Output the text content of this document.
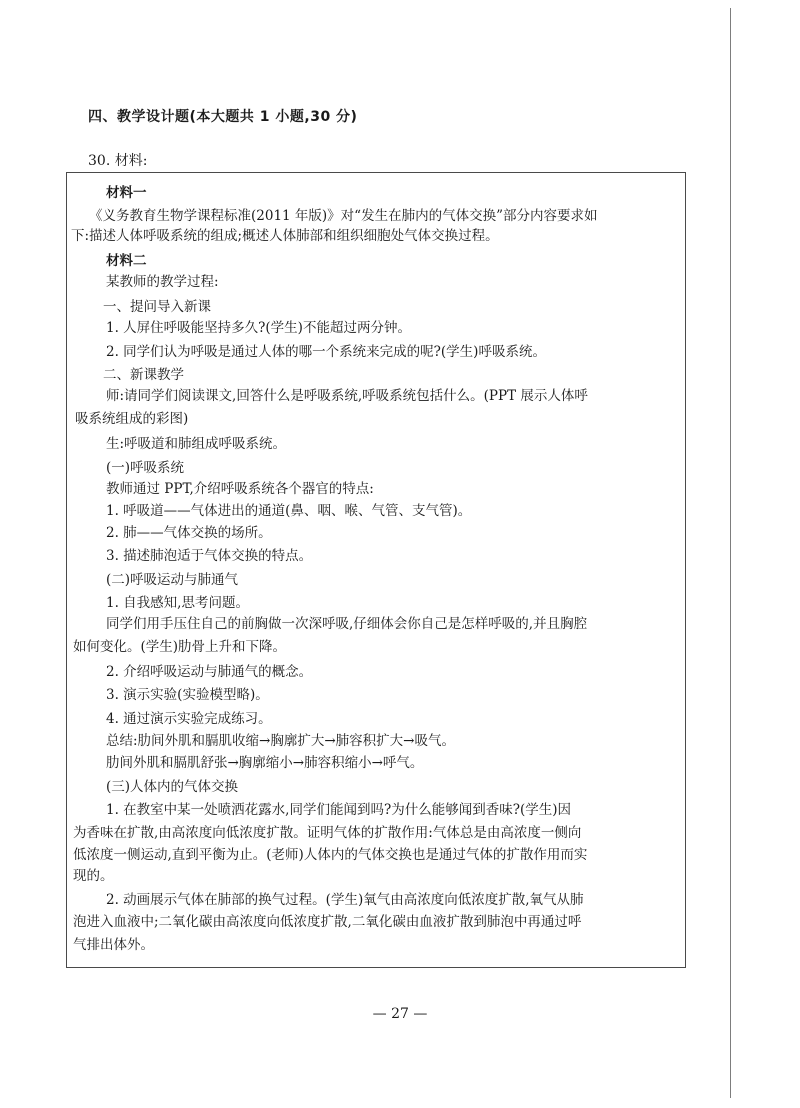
四、教学设计题(本大题共 1 小题,30 分)
30. 材料:
材料一
《义务教育生物学课程标准(2011 年版)》对“发生在肺内的气体交换”部分内容要求如
下:描述人体呼吸系统的组成;概述人体肺部和组织细胞处气体交换过程。
材料二
某教师的教学过程:
一、提问导入新课
1. 人屏住呼吸能坚持多久?(学生)不能超过两分钟。
2. 同学们认为呼吸是通过人体的哪一个系统来完成的呢?(学生)呼吸系统。
二、新课教学
师:请同学们阅读课文,回答什么是呼吸系统,呼吸系统包括什么。(PPT 展示人体呼
吸系统组成的彩图)
生:呼吸道和肺组成呼吸系统。
(一)呼吸系统
教师通过 PPT,介绍呼吸系统各个器官的特点:
1. 呼吸道——气体进出的通道(鼻、咽、喉、气管、支气管)。
2. 肺——气体交换的场所。
3. 描述肺泡适于气体交换的特点。
(二)呼吸运动与肺通气
1. 自我感知,思考问题。
同学们用手压住自己的前胸做一次深呼吸,仔细体会你自己是怎样呼吸的,并且胸腔
如何变化。(学生)肋骨上升和下降。
2. 介绍呼吸运动与肺通气的概念。
3. 演示实验(实验模型略)。
4. 通过演示实验完成练习。
总结:肋间外肌和膈肌收缩→胸廓扩大→肺容积扩大→吸气。
肋间外肌和膈肌舒张→胸廓缩小→肺容积缩小→呼气。
(三)人体内的气体交换
1. 在教室中某一处喷洒花露水,同学们能闻到吗?为什么能够闻到香味?(学生)因
为香味在扩散,由高浓度向低浓度扩散。证明气体的扩散作用:气体总是由高浓度一侧向
低浓度一侧运动,直到平衡为止。(老师)人体内的气体交换也是通过气体的扩散作用而实
现的。
2. 动画展示气体在肺部的换气过程。(学生)氧气由高浓度向低浓度扩散,氧气从肺
泡进入血液中;二氧化碳由高浓度向低浓度扩散,二氧化碳由血液扩散到肺泡中再通过呼
气排出体外。
— 27 —
